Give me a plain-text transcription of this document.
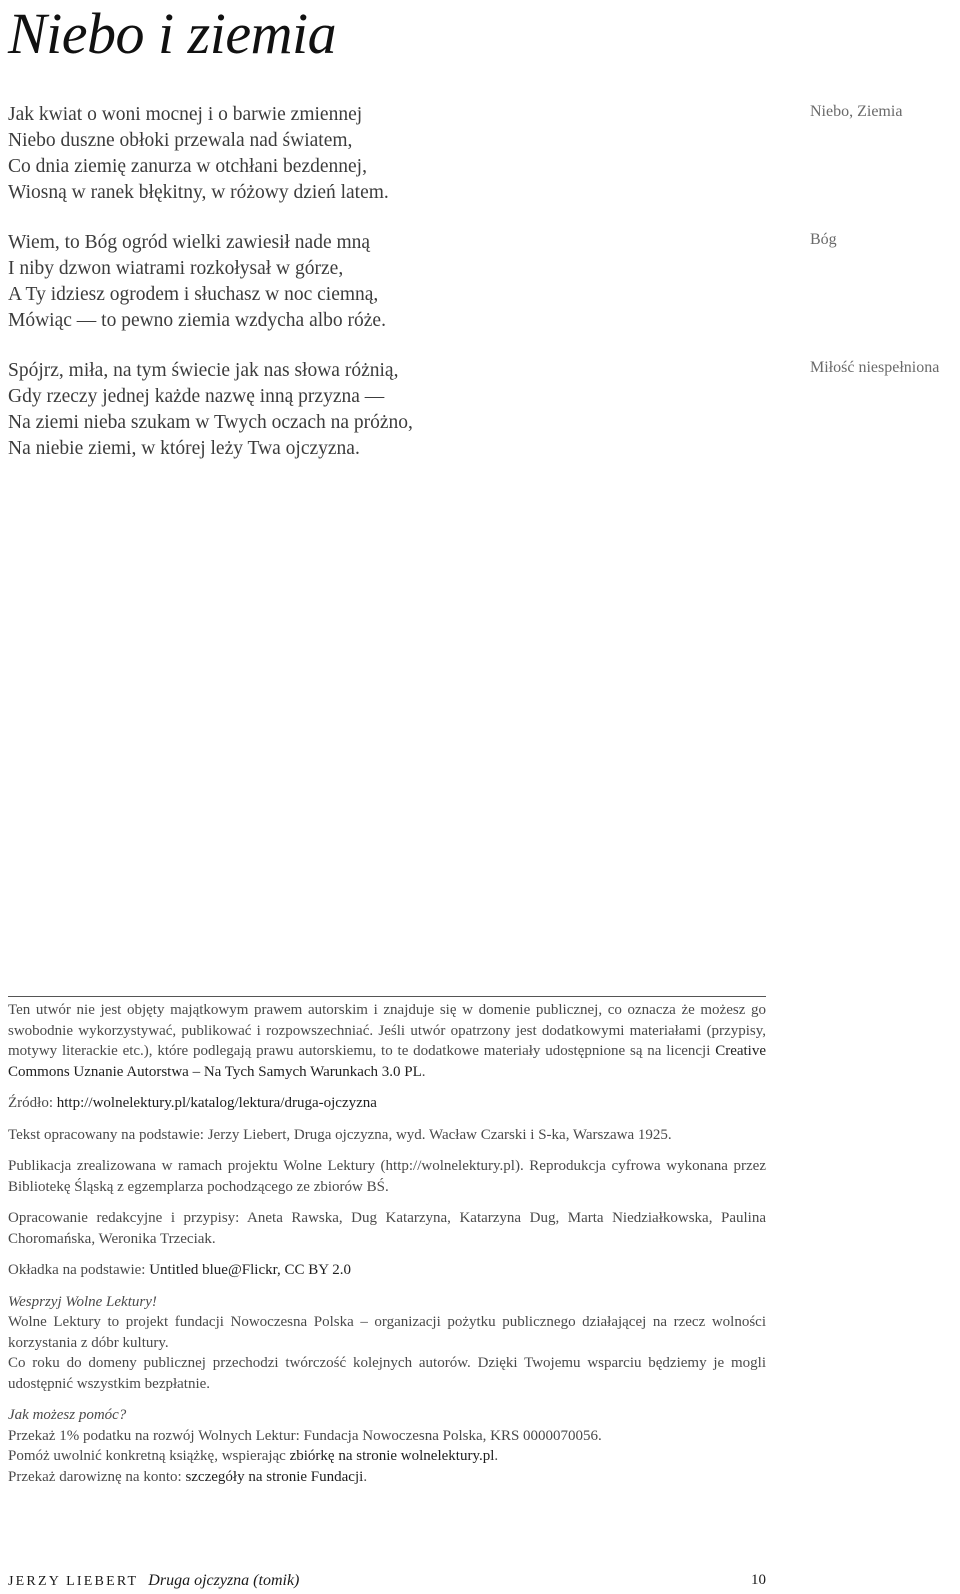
Niebo i ziemia
Jak kwiat o woni mocnej i o barwie zmiennej
Niebo duszne obłoki przewala nad światem,
Co dnia ziemię zanurza w otchłani bezdennej,
Wiosną w ranek błękitny, w różowy dzień latem.
Niebo, Ziemia
Wiem, to Bóg ogród wielki zawiesił nade mną
I niby dzwon wiatrami rozkołysał w górze,
A Ty idziesz ogrodem i słuchasz w noc ciemną,
Mówiąc — to pewno ziemia wzdycha albo róże.
Bóg
Spójrz, miła, na tym świecie jak nas słowa różnią,
Gdy rzeczy jednej każde nazwę inną przyzna —
Na ziemi nieba szukam w Twych oczach na próżno,
Na niebie ziemi, w której leży Twa ojczyzna.
Miłość niespełniona

Ten utwór nie jest objęty majątkowym prawem autorskim i znajduje się w domenie publicznej, co oznacza że możesz go swobodnie wykorzystywać, publikować i rozpowszechniać. Jeśli utwór opatrzony jest dodatkowymi materiałami (przypisy, motywy literackie etc.), które podlegają prawu autorskiemu, to te dodatkowe materiały udostępnione są na licencji Creative Commons Uznanie Autorstwa – Na Tych Samych Warunkach 3.0 PL.

Źródło: http://wolnelektury.pl/katalog/lektura/druga-ojczyzna

Tekst opracowany na podstawie: Jerzy Liebert, Druga ojczyzna, wyd. Wacław Czarski i S-ka, Warszawa 1925.

Publikacja zrealizowana w ramach projektu Wolne Lektury (http://wolnelektury.pl). Reprodukcja cyfrowa wykonana przez Bibliotekę Śląską z egzemplarza pochodzącego ze zbiorów BŚ.

Opracowanie redakcyjne i przypisy: Aneta Rawska, Dug Katarzyna, Katarzyna Dug, Marta Niedziałkowska, Paulina Choromańska, Weronika Trzeciak.

Okładka na podstawie: Untitled blue@Flickr, CC BY 2.0

Wesprzyj Wolne Lektury!

Wolne Lektury to projekt fundacji Nowoczesna Polska – organizacji pożytku publicznego działającej na rzecz wolności korzystania z dóbr kultury.

Co roku do domeny publicznej przechodzi twórczość kolejnych autorów. Dzięki Twojemu wsparciu będziemy je mogli udostępnić wszystkim bezpłatnie.

Jak możesz pomóc?

Przekaż 1% podatku na rozwój Wolnych Lektur: Fundacja Nowoczesna Polska, KRS 0000070056.

Pomóż uwolnić konkretną książkę, wspierając zbiórkę na stronie wolnelektury.pl.

Przekaż darowiznę na konto: szczegóły na stronie Fundacji.

JERZY LIEBERT Druga ojczyzna (tomik)	10
